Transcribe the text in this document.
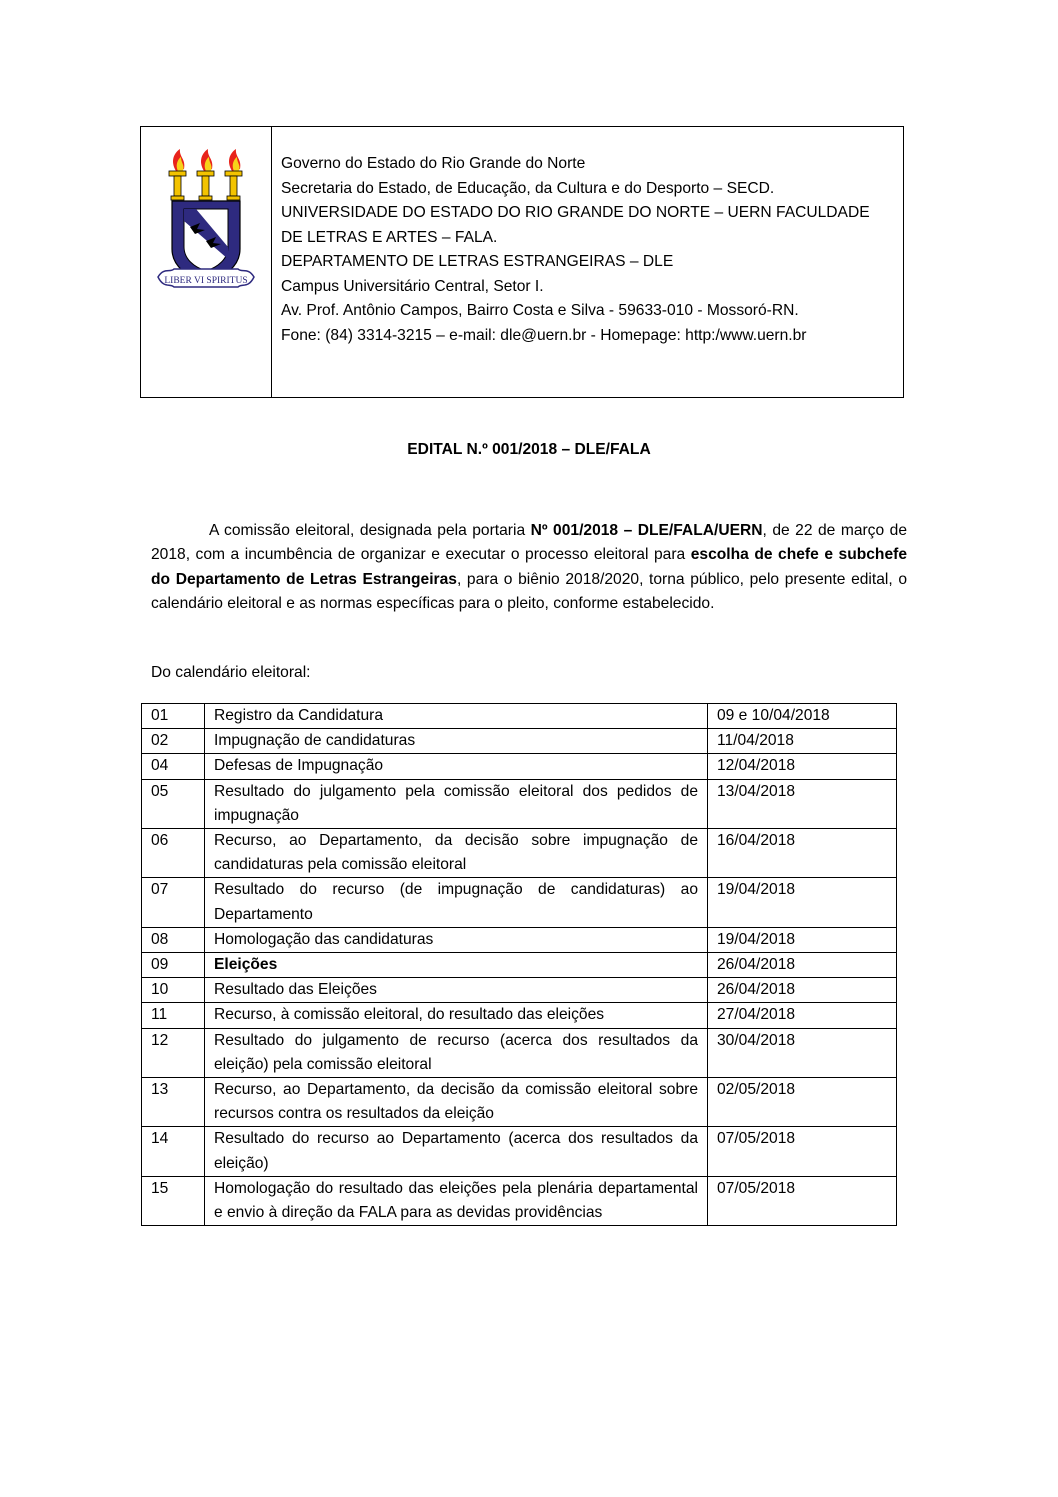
LIBER VI SPIRITUS
Governo do Estado do Rio Grande do Norte
Secretaria do Estado, de Educação, da Cultura e do Desporto – SECD.
UNIVERSIDADE DO ESTADO DO RIO GRANDE DO NORTE – UERN FACULDADE
DE LETRAS E ARTES – FALA.
DEPARTAMENTO DE LETRAS ESTRANGEIRAS – DLE
Campus Universitário Central, Setor I.
Av. Prof. Antônio Campos, Bairro Costa e Silva - 59633-010 - Mossoró-RN.
Fone: (84) 3314-3215 – e-mail: dle@uern.br - Homepage: http:/www.uern.br
EDITAL N.º 001/2018 – DLE/FALA

A comissão eleitoral, designada pela portaria Nº 001/2018 – DLE/FALA/UERN, de 22 de março de 2018, com a incumbência de organizar e executar o processo eleitoral para escolha de chefe e subchefe do Departamento de Letras Estrangeiras, para o biênio 2018/2020, torna público, pelo presente edital, o calendário eleitoral e as normas específicas para o pleito, conforme estabelecido.

Do calendário eleitoral:
01	Registro da Candidatura	09 e 10/04/2018
02	Impugnação de candidaturas	11/04/2018
04	Defesas de Impugnação	12/04/2018
05	Resultado do julgamento pela comissão eleitoral dos pedidos de impugnação	13/04/2018
06	Recurso, ao Departamento, da decisão sobre impugnação de candidaturas pela comissão eleitoral	16/04/2018
07	Resultado do recurso (de impugnação de candidaturas) ao Departamento	19/04/2018
08	Homologação das candidaturas	19/04/2018
09	Eleições	26/04/2018
10	Resultado das Eleições	26/04/2018
11	Recurso, à comissão eleitoral, do resultado das eleições	27/04/2018
12	Resultado do julgamento de recurso (acerca dos resultados da eleição) pela comissão eleitoral	30/04/2018
13	Recurso, ao Departamento, da decisão da comissão eleitoral sobre recursos contra os resultados da eleição	02/05/2018
14	Resultado do recurso ao Departamento (acerca dos resultados da eleição)	07/05/2018
15	Homologação do resultado das eleições pela plenária departamental e envio à direção da FALA para as devidas providências	07/05/2018
